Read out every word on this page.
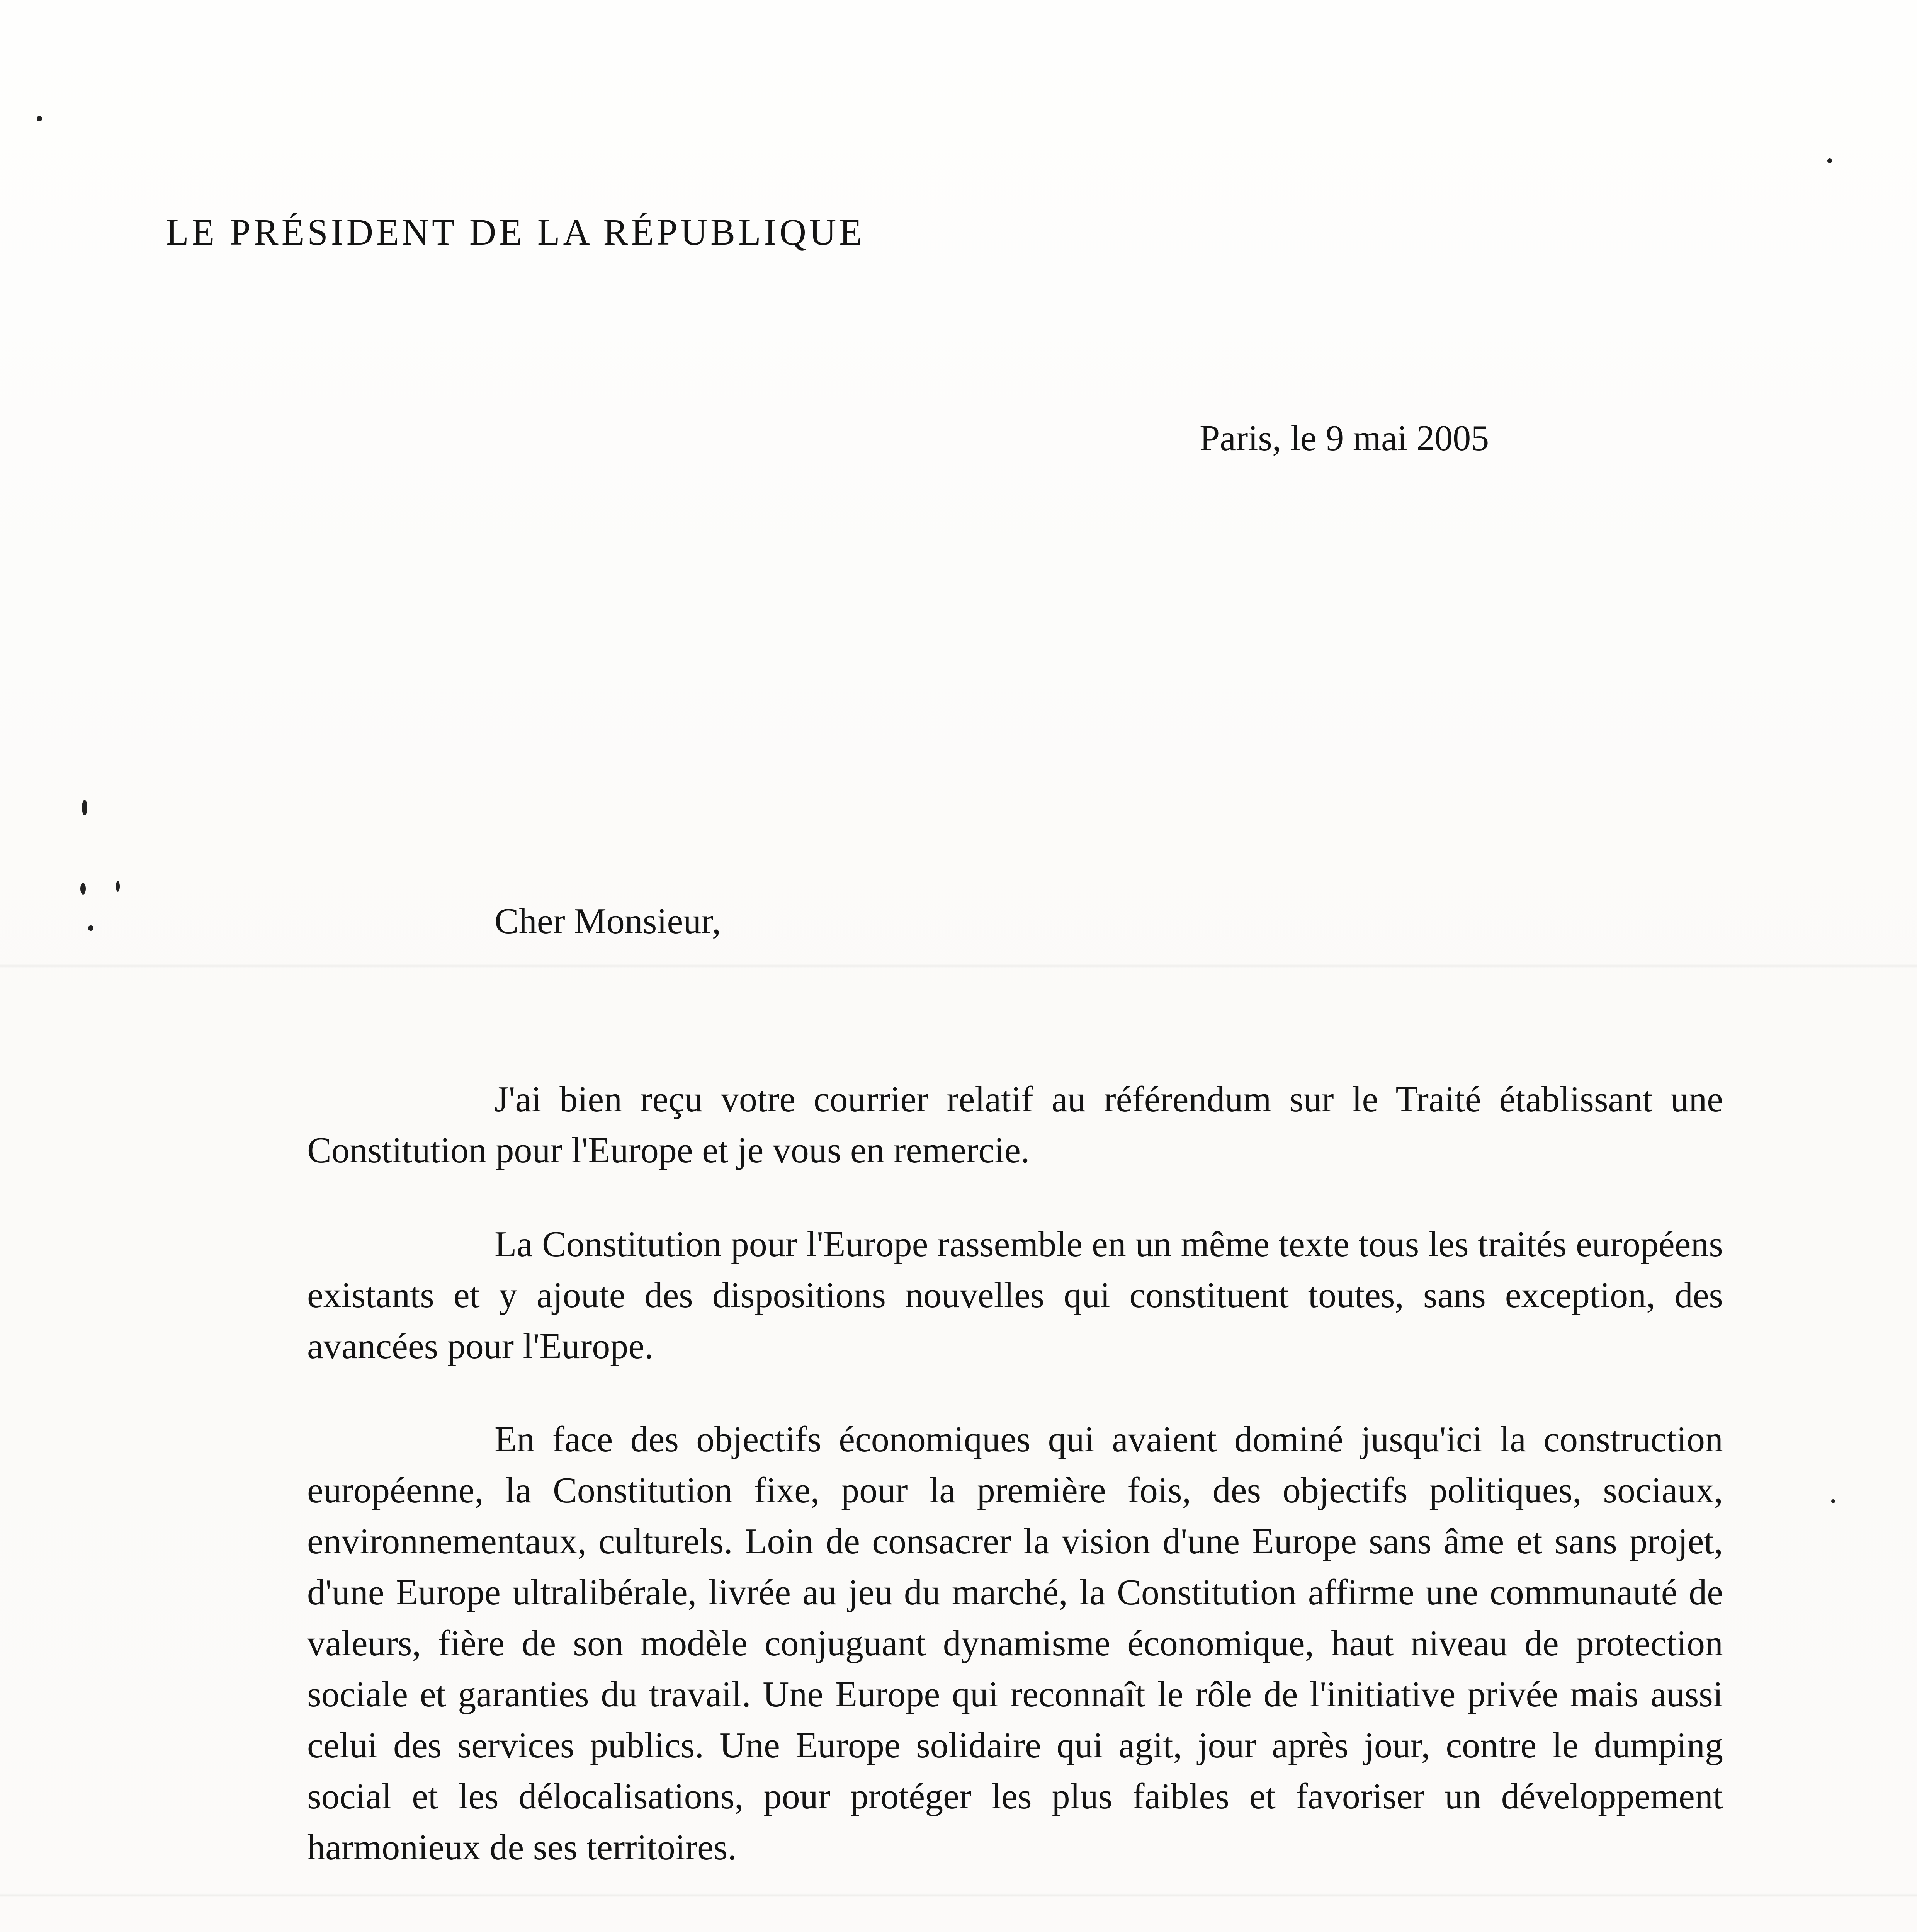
LE PRÉSIDENT DE LA RÉPUBLIQUE
Paris, le 9 mai 2005
Cher Monsieur,

J'ai bien reçu votre courrier relatif au référendum sur le Traité établissant une Constitution pour l'Europe et je vous en remercie.

La Constitution pour l'Europe rassemble en un même texte tous les traités européens existants et y ajoute des dispositions nouvelles qui constituent toutes, sans exception, des avancées pour l'Europe.

En face des objectifs économiques qui avaient dominé jusqu'ici la construction européenne, la Constitution fixe, pour la première fois, des objectifs politiques, sociaux, environnementaux, culturels. Loin de consacrer la vision d'une Europe sans âme et sans projet, d'une Europe ultralibérale, livrée au jeu du marché, la Constitution affirme une communauté de valeurs, fière de son modèle conjuguant dynamisme économique, haut niveau de protection sociale et garanties du travail. Une Europe qui reconnaît le rôle de l'initiative privée mais aussi celui des services publics. Une Europe solidaire qui agit, jour après jour, contre le dumping social et les délocalisations, pour protéger les plus faibles et favoriser un développement harmonieux de ses territoires.
